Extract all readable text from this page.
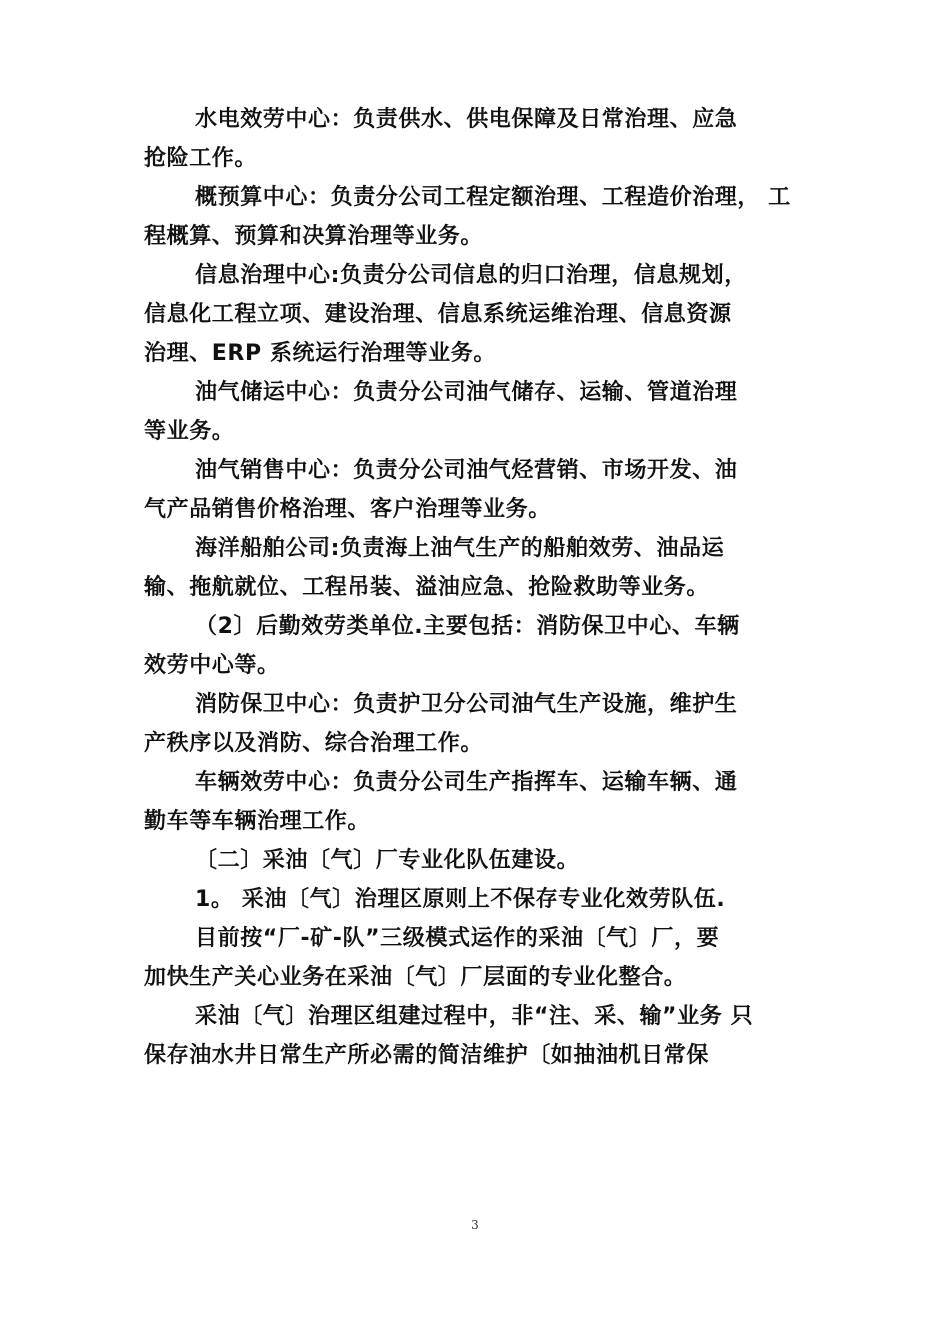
水电效劳中心：负责供水、供电保障及日常治理、应急
抢险工作。
概预算中心：负责分公司工程定额治理、工程造价治理， 工
程概算、预算和决算治理等业务。
信息治理中心:负责分公司信息的归口治理，信息规划，
信息化工程立项、建设治理、信息系统运维治理、信息资源
治理、ERP 系统运行治理等业务。
油气储运中心：负责分公司油气储存、运输、管道治理
等业务。
油气销售中心：负责分公司油气烃营销、市场开发、油
气产品销售价格治理、客户治理等业务。
海洋船舶公司:负责海上油气生产的船舶效劳、油品运
输、拖航就位、工程吊装、溢油应急、抢险救助等业务。
（2〕后勤效劳类单位.主要包括：消防保卫中心、车辆
效劳中心等。
消防保卫中心：负责护卫分公司油气生产设施，维护生
产秩序以及消防、综合治理工作。
车辆效劳中心：负责分公司生产指挥车、运输车辆、通
勤车等车辆治理工作。
〔二〕采油〔气〕厂专业化队伍建设。
1。 采油〔气〕治理区原则上不保存专业化效劳队伍.
目前按“厂-矿-队”三级模式运作的采油〔气〕厂，要
加快生产关心业务在采油〔气〕厂层面的专业化整合。
采油〔气〕治理区组建过程中，非“注、采、输”业务 只
保存油水井日常生产所必需的简洁维护〔如抽油机日常保
3
